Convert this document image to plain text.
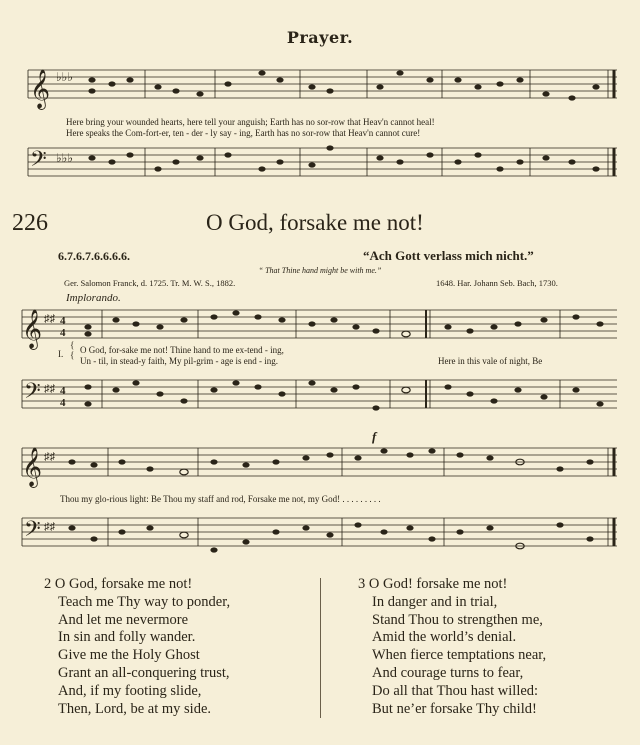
Prayer.
𝄞 ♭♭♭
Here bring your wounded hearts, here tell your anguish; Earth has no sor-row that Heav'n cannot heal!
Here speaks the Com-fort-er, ten - der - ly say - ing, Earth has no sor-row that Heav'n cannot cure!
𝄢 ♭♭♭
226	O God, forsake me not!
6.7.6.7.6.6.6.6.	“Ach Gott verlass mich nicht.”
“ That Thine hand might be with me.”
Ger. Salomon Franck, d. 1725. Tr. M. W. S., 1882.	1648. Har. Johann Seb. Bach, 1730.
Implorando.
𝄞 ♯♯ 4
4
I.
{
{ O God, for-sake me not! Thine hand to me ex-tend - ing,
Un - til, in stead-y faith, My pil-grim - age is end - ing.	Here in this vale of night, Be
𝄢 ♯♯ 4
4
f
𝄞 ♯♯
Thou my glo-rious light: Be Thou my staff and rod, Forsake me not, my God! . . . . . . . . .
𝄢 ♯♯
2 O God, forsake me not!
Teach me Thy way to ponder,
And let me nevermore
In sin and folly wander.
Give me the Holy Ghost
Grant an all-conquering trust,
And, if my footing slide,
Then, Lord, be at my side.
3 O God! forsake me not!
In danger and in trial,
Stand Thou to strengthen me,
Amid the world’s denial.
When fierce temptations near,
And courage turns to fear,
Do all that Thou hast willed:
But ne’er forsake Thy child!
